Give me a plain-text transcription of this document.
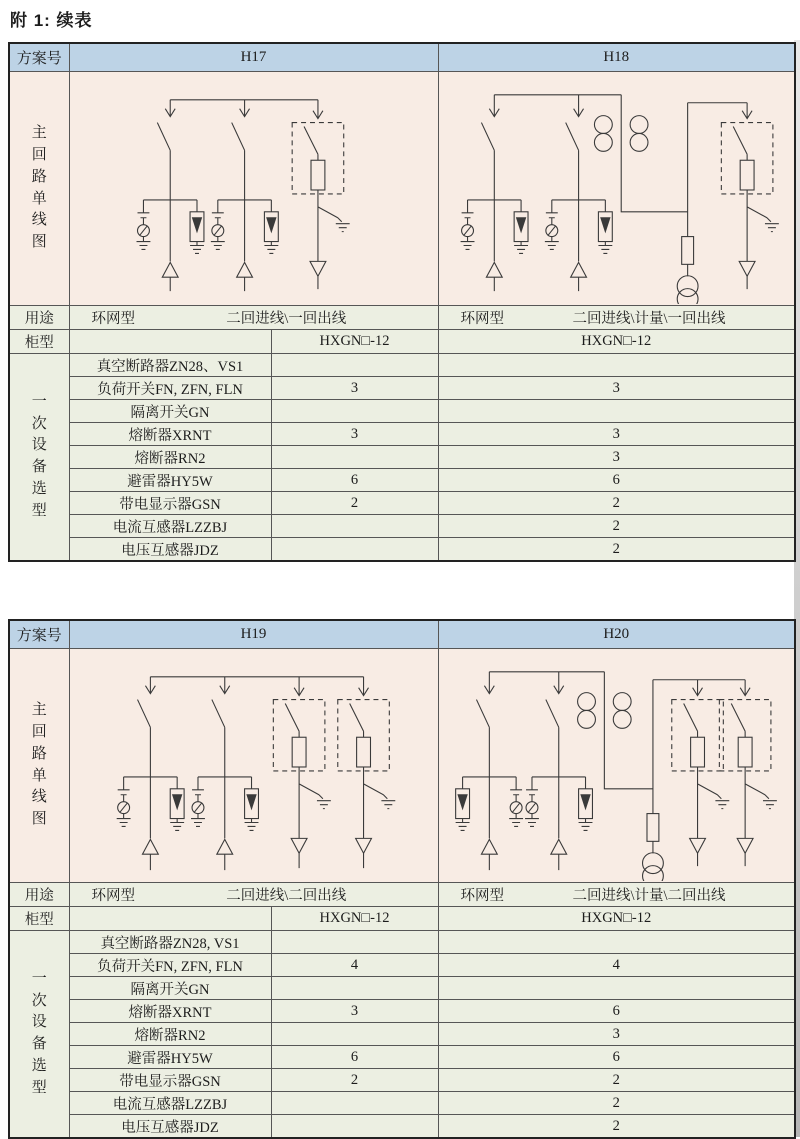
附 1: 续表
方案号	H17		H18
主回路单线图	

用途	环网型 二回进线\一回出线		环网型 二回进线\计量\一回出线

柜型		HXGN□-12	HXGN□-12
一次设备选型	真空断路器ZN28、VS1		
	负荷开关FN, ZFN, FLN	3	3
	隔离开关GN		
	熔断器XRNT	3	3
	熔断器RN2		3
	避雷器HY5W	6	6
	带电显示器GSN	2	2
	电流互感器LZZBJ		2
	电压互感器JDZ		2
方案号	H19		H20
主回路单线图	

用途	环网型 二回进线\二回出线		环网型 二回进线\计量\二回出线

柜型		HXGN□-12	HXGN□-12
一次设备选型	真空断路器ZN28, VS1		
	负荷开关FN, ZFN, FLN	4	4
	隔离开关GN		
	熔断器XRNT	3	6
	熔断器RN2		3
	避雷器HY5W	6	6
	带电显示器GSN	2	2
	电流互感器LZZBJ		2
	电压互感器JDZ		2
